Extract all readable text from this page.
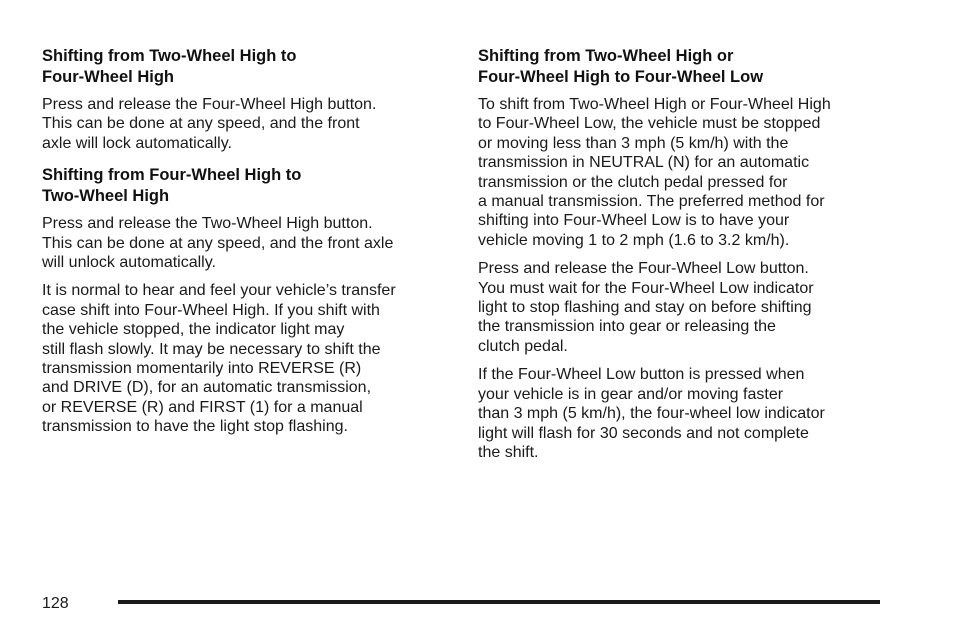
Shifting from Two-Wheel High to
Four-Wheel High

Press and release the Four-Wheel High button.
This can be done at any speed, and the front
axle will lock automatically.

Shifting from Four-Wheel High to
Two-Wheel High

Press and release the Two-Wheel High button.
This can be done at any speed, and the front axle
will unlock automatically.

It is normal to hear and feel your vehicle’s transfer
case shift into Four-Wheel High. If you shift with
the vehicle stopped, the indicator light may
still flash slowly. It may be necessary to shift the
transmission momentarily into REVERSE (R)
and DRIVE (D), for an automatic transmission,
or REVERSE (R) and FIRST (1) for a manual
transmission to have the light stop flashing.

Shifting from Two-Wheel High or
Four-Wheel High to Four-Wheel Low

To shift from Two-Wheel High or Four-Wheel High
to Four-Wheel Low, the vehicle must be stopped
or moving less than 3 mph (5 km/h) with the
transmission in NEUTRAL (N) for an automatic
transmission or the clutch pedal pressed for
a manual transmission. The preferred method for
shifting into Four-Wheel Low is to have your
vehicle moving 1 to 2 mph (1.6 to 3.2 km/h).

Press and release the Four-Wheel Low button.
You must wait for the Four-Wheel Low indicator
light to stop flashing and stay on before shifting
the transmission into gear or releasing the
clutch pedal.

If the Four-Wheel Low button is pressed when
your vehicle is in gear and/or moving faster
than 3 mph (5 km/h), the four-wheel low indicator
light will flash for 30 seconds and not complete
the shift.

128
